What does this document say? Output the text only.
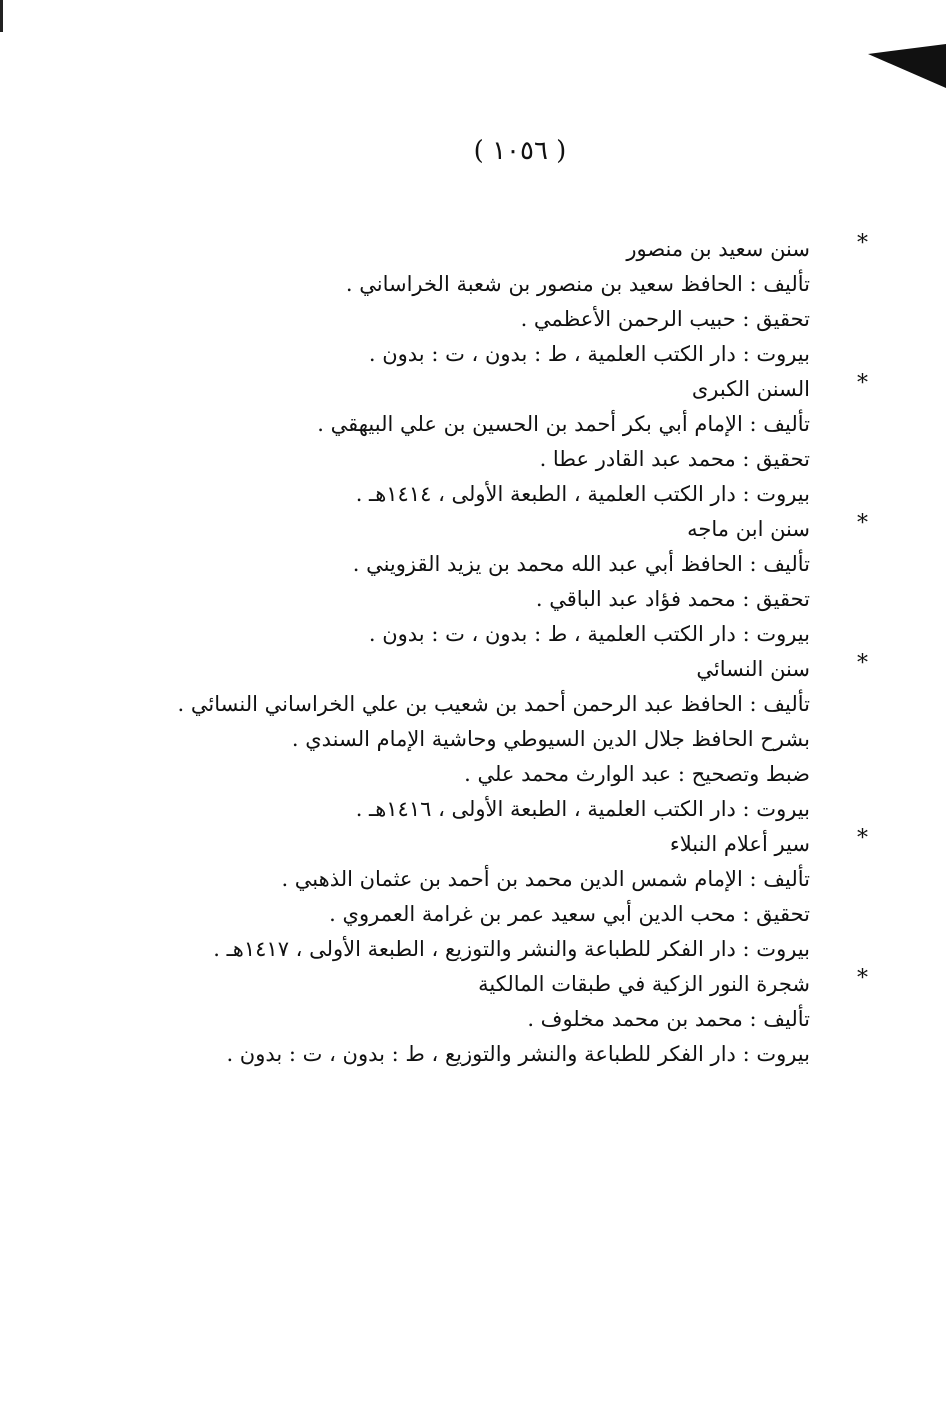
( ١٠٥٦ )
*
سنن سعيد بن منصور
تأليف : الحافظ سعيد بن منصور بن شعبة الخراساني .
تحقيق : حبيب الرحمن الأعظمي .
بيروت : دار الكتب العلمية ، ط : بدون ، ت : بدون .
*
السنن الكبرى
تأليف : الإمام أبي بكر أحمد بن الحسين بن علي البيهقي .
تحقيق : محمد عبد القادر عطا .
بيروت : دار الكتب العلمية ، الطبعة الأولى ، ١٤١٤هـ .
*
سنن ابن ماجه
تأليف : الحافظ أبي عبد الله محمد بن يزيد القزويني .
تحقيق : محمد فؤاد عبد الباقي .
بيروت : دار الكتب العلمية ، ط : بدون ، ت : بدون .
*
سنن النسائي
تأليف : الحافظ عبد الرحمن أحمد بن شعيب بن علي الخراساني النسائي .
بشرح الحافظ جلال الدين السيوطي وحاشية الإمام السندي .
ضبط وتصحيح : عبد الوارث محمد علي .
بيروت : دار الكتب العلمية ، الطبعة الأولى ، ١٤١٦هـ .
*
سير أعلام النبلاء
تأليف : الإمام شمس الدين محمد بن أحمد بن عثمان الذهبي .
تحقيق : محب الدين أبي سعيد عمر بن غرامة العمروي .
بيروت : دار الفكر للطباعة والنشر والتوزيع ، الطبعة الأولى ، ١٤١٧هـ .
*
شجرة النور الزكية في طبقات المالكية
تأليف : محمد بن محمد مخلوف .
بيروت : دار الفكر للطباعة والنشر والتوزيع ، ط : بدون ، ت : بدون .
